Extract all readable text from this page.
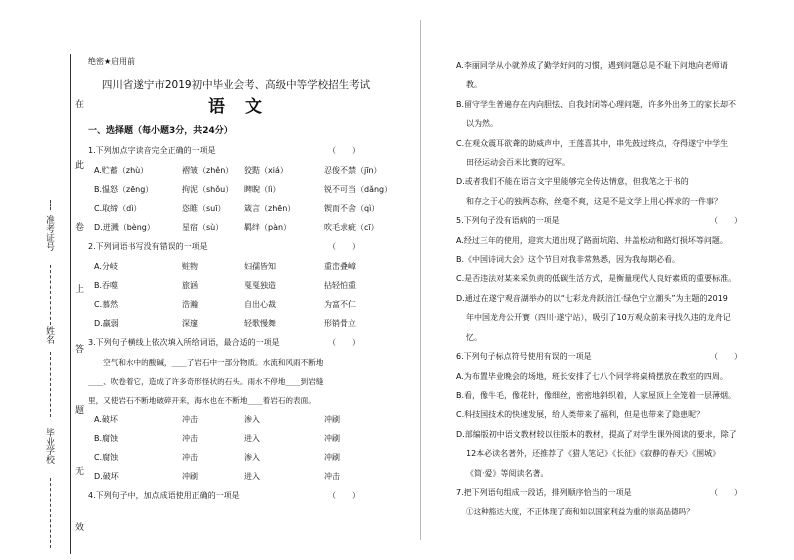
准考证号
姓名
毕业学校
在
此
卷
上
答
题
无
效
绝密★启用前
四川省遂宁市2019初中毕业会考、高级中等学校招生考试
语文
一、选择题（每小题3分，共24分）
1.下列加点字读音完全正确的一项是	（　　）
A.贮蓄（zhù）	褶皱（zhěn）	狡黠（xiá）	忍俊不禁（jīn）
B.愠怒（zēng）	拘泥（shǒu）	睥睨（lì）	锐不可当（dǎng）
C.取缔（dì）	恣睢（suī）	箴言（zhēn）	锲而不舍（qì）
D.迸溅（bèng）	星宿（sù）	羁绊（pàn）	吹毛求疵（cī）
2.下列词语书写没有错误的一项是	（　　）
A.分岐	赃物	妇孺皆知	重峦叠嶂
B.吞噬	旅涵	戛戛独造	拈轻怕重
C.慕然	浩瀚	自出心裁	为富不仁
D.羸弱	深邃	轻歌慢舞	形销骨立
3.下列句子横线上依次填入所给词语，最合适的一项是	（　　）
　　空气和水中的酸碱，____了岩石中一部分物质。水流和风雨不断地
____、吹卷着它，造成了许多奇形怪状的石头。雨水不停地____到岩缝
里，又使岩石不断地破碎开来，海水也在不断地____着岩石的表面。
A.破坏	冲击	渗入	冲刷
B.腐蚀	冲击	进入	冲刷
C.腐蚀	冲击	渗入	冲刷
D.破坏	冲刷	进入	冲击
4.下列句子中，加点成语使用正确的一项是	（　　）
A.李丽同学从小就养成了勤学好问的习惯，遇到问题总是不耻下问地向老师请
教。
B.留守学生普遍存在内向胆怯、自我封闭等心理问题，许多外出务工的家长却不
以为然。
C.在观众震耳欲聋的助威声中，王莲喜其中，串先鼓过终点，夺得遂宁中学生
田径运动会百米比赛的冠军。
D.或者我们不能在语言文字里能够完全传达情意，但我笔之于书的
和存之于心的独两态称，丝毫不爽，这是不是文学上用心挥求的一件事？
5.下列句子没有语病的一项是	（　　）
A.经过三年的使用，迎宾大道出现了路面坑陷、井盖松动和路灯损坏等问题。
B.《中国诗词大会》这个节目对我非常熟悉，因为我每期必看。
C.是否违法对某来采负责的低碳生活方式，是衡量现代人良好素质的重要标准。
D.通过在遂宁观音湖举办的以“七彩龙舟跃涪江·绿色宁立潮头”为主题的2019
年中国龙舟公开赛（四川·遂宁站），吸引了10万观众前来寻找久违的龙舟记
忆。
6.下列句子标点符号使用有误的一项是	（　　）
A.为布置毕业晚会的场地，班长安排了七八个同学将桌椅摆放在教室的四周。
B.看，像牛毛，像花针，像细丝，密密地斜织着，人家屋顶上全笼着一层薄烟。
C.科技国技术的快速发展，给人类带来了福利，但是也带来了隐患呢？
D.部编版初中语文教材较以往版本的教材，提高了对学生课外阅读的要求，除了
12本必读名著外，还推荐了《猎人笔记》《长征》《寂静的春天》《围城》
《简·爱》等阅读名著。
7.把下列语句组成一段话，排列顺序恰当的一项是	（　　）
①这种豁达大度，不正体现了商和如以国家利益为重的崇高品德吗？
